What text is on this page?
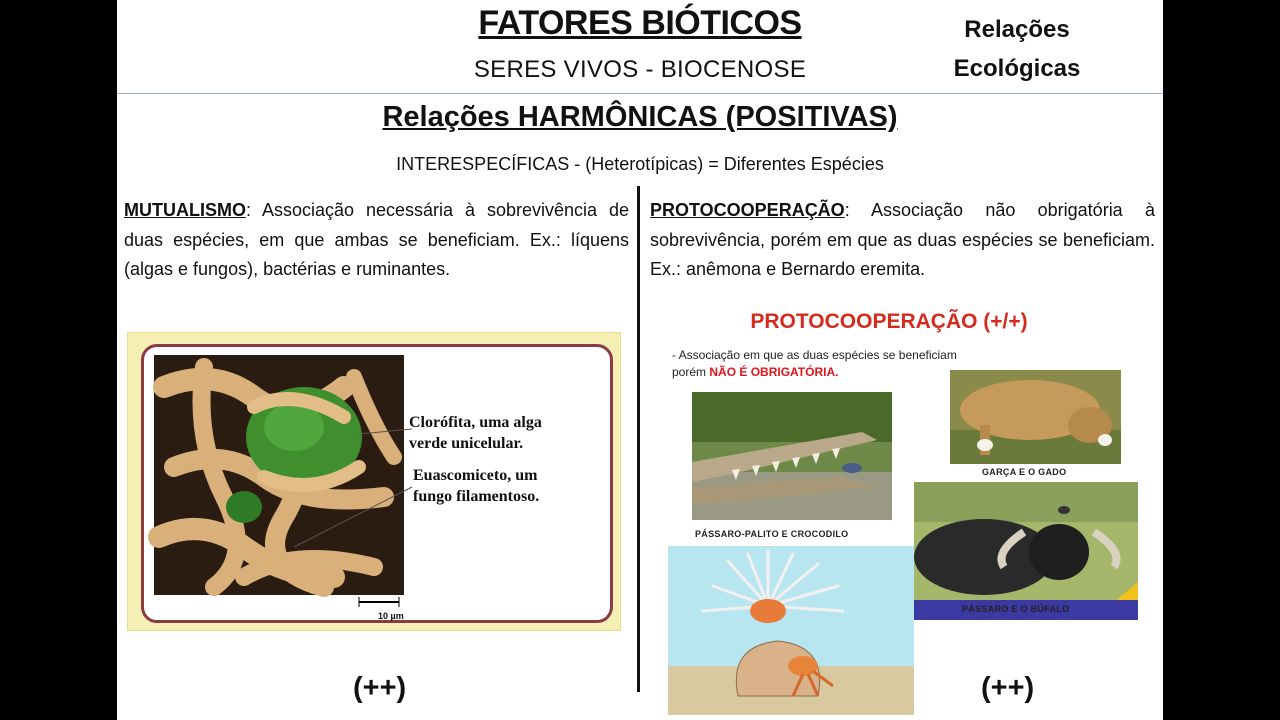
FATORES BIÓTICOS
SERES VIVOS - BIOCENOSE
Relações
Ecológicas
Relações HARMÔNICAS (POSITIVAS)
INTERESPECÍFICAS - (Heterotípicas) = Diferentes Espécies
MUTUALISMO: Associação necessária à sobrevivência de duas espécies, em que ambas se beneficiam. Ex.: líquens (algas e fungos), bactérias e ruminantes.
PROTOCOOPERAÇÃO: Associação não obrigatória à sobrevivência, porém em que as duas espécies se beneficiam. Ex.: anêmona e Bernardo eremita.
Clorófita, uma alga
verde unicelular.
Euascomiceto, um
fungo filamentoso.
10 µm
(++)
PROTOCOOPERAÇÃO (+/+)
- Associação em que as duas espécies se beneficiam porém NÃO É OBRIGATÓRIA.
PÁSSARO-PALITO E CROCODILO
GARÇA E O GADO
PÁSSARO E O BÚFALO
(++)
